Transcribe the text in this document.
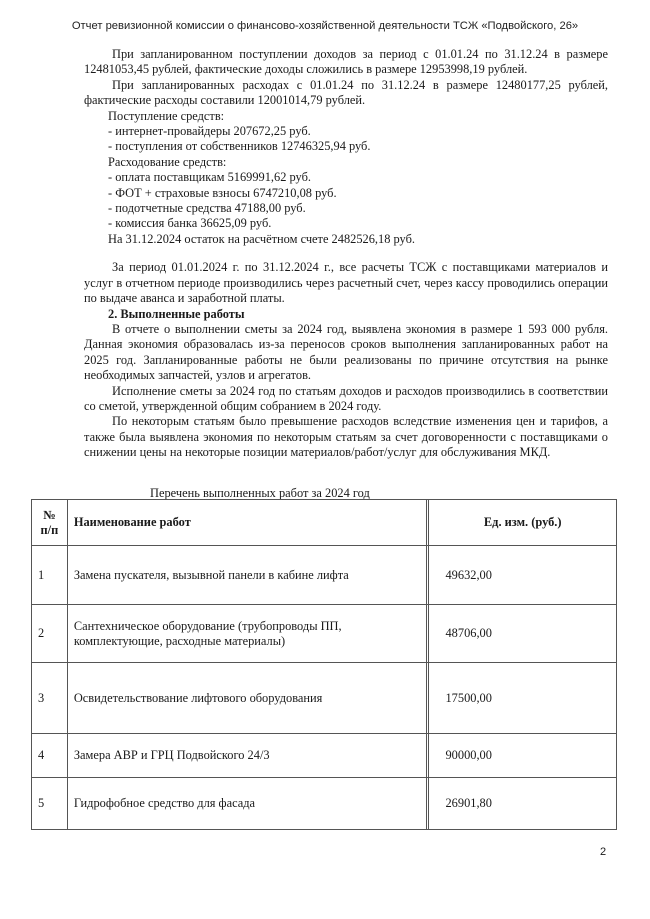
Отчет ревизионной комиссии о финансово-хозяйственной деятельности ТСЖ «Подвойского, 26»

При запланированном поступлении доходов за период с 01.01.24 по 31.12.24 в размере 12481053,45 рублей, фактические доходы сложились в размере 12953998,19 рублей.

При запланированных расходах с 01.01.24 по 31.12.24 в размере 12480177,25 рублей, фактические расходы составили 12001014,79 рублей.

Поступление средств:

- интернет-провайдеры 207672,25 руб.

- поступления от собственников 12746325,94 руб.

Расходование средств:

- оплата поставщикам 5169991,62 руб.

- ФОТ + страховые взносы 6747210,08 руб.

- подотчетные средства 47188,00 руб.

- комиссия банка 36625,09 руб.

На 31.12.2024 остаток на расчётном счете 2482526,18 руб.

За период 01.01.2024 г. по 31.12.2024 г., все расчеты ТСЖ с поставщиками материалов и услуг в отчетном периоде производились через расчетный счет, через кассу проводились операции по выдаче аванса и заработной платы.

2. Выполненные работы

В отчете о выполнении сметы за 2024 год, выявлена экономия в размере 1 593 000 рубля. Данная экономия образовалась из-за переносов сроков выполнения запланированных работ на 2025 год. Запланированные работы не были реализованы по причине отсутствия на рынке необходимых запчастей, узлов и агрегатов.

Исполнение сметы за 2024 год по статьям доходов и расходов производились в соответствии со сметой, утвержденной общим собранием в 2024 году.

По некоторым статьям было превышение расходов вследствие изменения цен и тарифов, а также была выявлена экономия по некоторым статьям за счет договоренности с поставщиками о снижении цены на некоторые позиции материалов/работ/услуг для обслуживания МКД.

Перечень выполненных работ за 2024 год
№ п/п	Наименование работ		Ед. изм. (руб.)
1	Замена пускателя, вызывной панели в кабине лифта		49632,00
2	Сантехническое оборудование (трубопроводы ПП, комплектующие, расходные материалы)		48706,00
3	Освидетельствование лифтового оборудования		17500,00
4	Замера АВР и ГРЦ Подвойского 24/3		90000,00
5	Гидрофобное средство для фасада		26901,80
2
